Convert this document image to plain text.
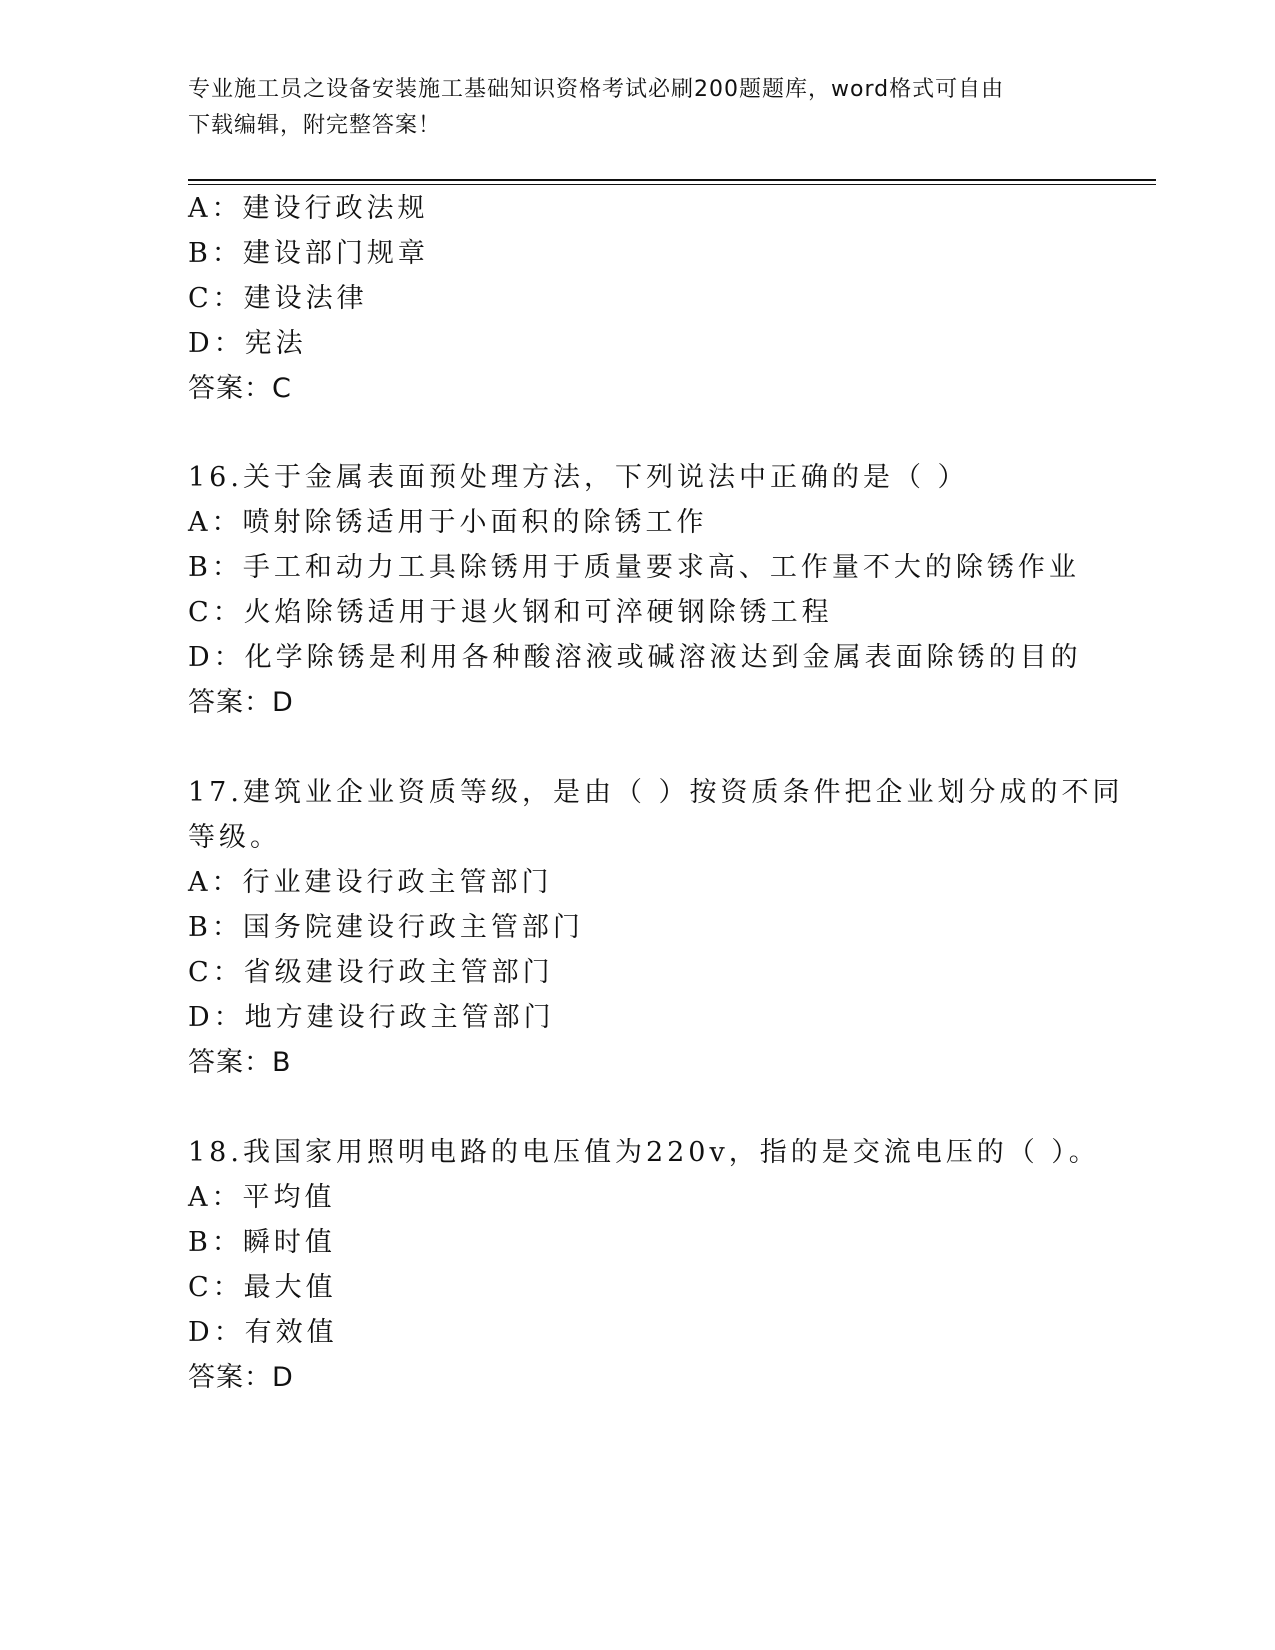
专业施工员之设备安装施工基础知识资格考试必刷200题题库，word格式可自由
下载编辑，附完整答案！
A：建设行政法规
B：建设部门规章
C：建设法律
D：宪法
答案：C
16.关于金属表面预处理方法，下列说法中正确的是（ ）
A：喷射除锈适用于小面积的除锈工作
B：手工和动力工具除锈用于质量要求高、工作量不大的除锈作业
C：火焰除锈适用于退火钢和可淬硬钢除锈工程
D：化学除锈是利用各种酸溶液或碱溶液达到金属表面除锈的目的
答案：D
17.建筑业企业资质等级，是由（ ）按资质条件把企业划分成的不同
等级。
A：行业建设行政主管部门
B：国务院建设行政主管部门
C：省级建设行政主管部门
D：地方建设行政主管部门
答案：B
18.我国家用照明电路的电压值为220v，指的是交流电压的（ ）。
A：平均值
B：瞬时值
C：最大值
D：有效值
答案：D
